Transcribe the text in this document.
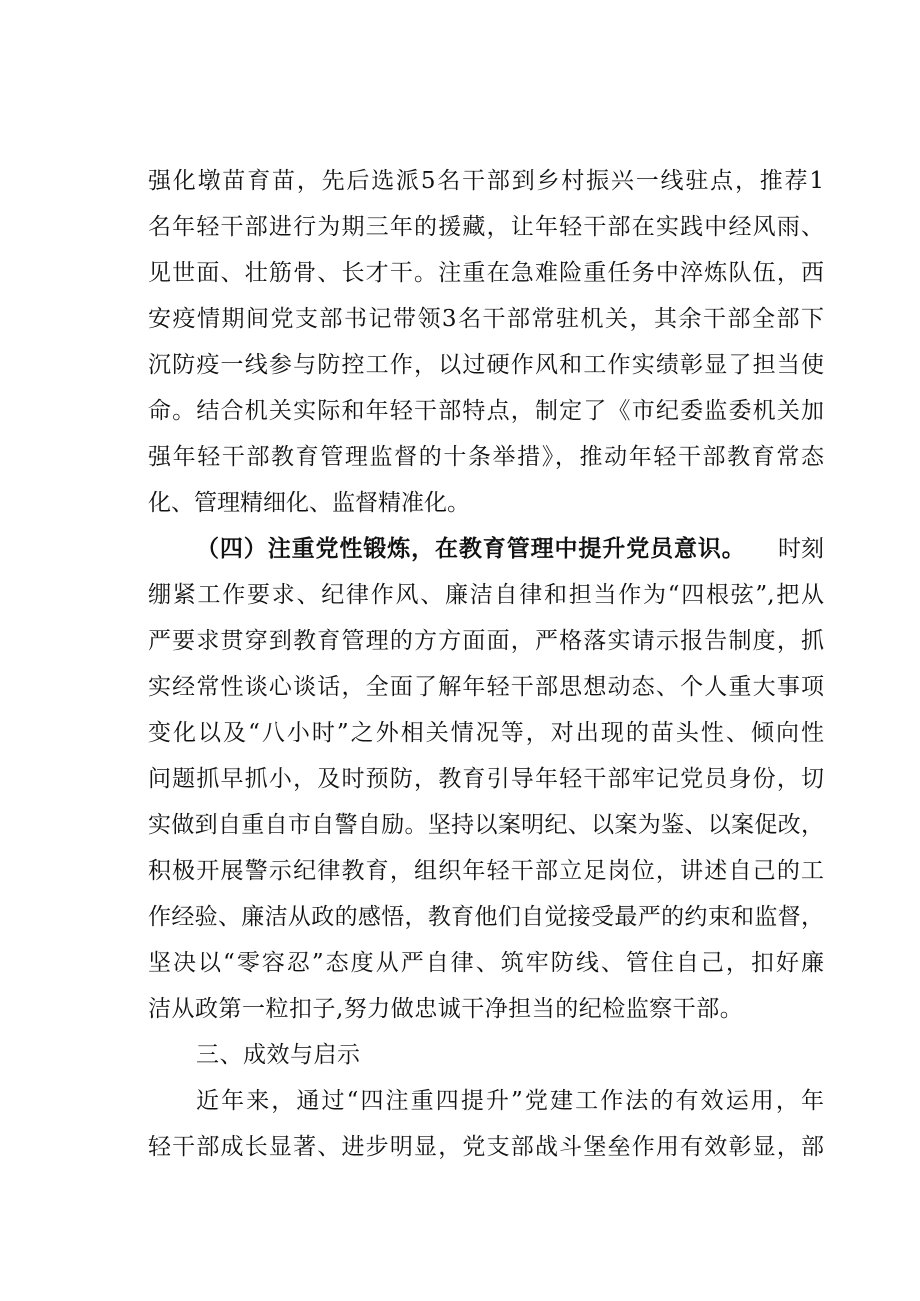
强化墩苗育苗，先后选派5名干部到乡村振兴一线驻点，推荐1
名年轻干部进行为期三年的援藏，让年轻干部在实践中经风雨、
见世面、壮筋骨、长才干。注重在急难险重任务中淬炼队伍，西
安疫情期间党支部书记带领3名干部常驻机关，其余干部全部下
沉防疫一线参与防控工作，以过硬作风和工作实绩彰显了担当使
命。结合机关实际和年轻干部特点，制定了《市纪委监委机关加
强年轻干部教育管理监督的十条举措》，推动年轻干部教育常态
化、管理精细化、监督精准化。
（四）注重党性锻炼，在教育管理中提升党员意识。 时刻
绷紧工作要求、纪律作风、廉洁自律和担当作为“四根弦”,把从
严要求贯穿到教育管理的方方面面，严格落实请示报告制度，抓
实经常性谈心谈话，全面了解年轻干部思想动态、个人重大事项
变化以及“八小时”之外相关情况等，对出现的苗头性、倾向性
问题抓早抓小，及时预防，教育引导年轻干部牢记党员身份，切
实做到自重自市自警自励。坚持以案明纪、以案为鉴、以案促改，
积极开展警示纪律教育，组织年轻干部立足岗位，讲述自己的工
作经验、廉洁从政的感悟，教育他们自觉接受最严的约束和监督，
坚决以“零容忍”态度从严自律、筑牢防线、管住自己，扣好廉
洁从政第一粒扣子,努力做忠诚干净担当的纪检监察干部。
三、成效与启示
近年来，通过“四注重四提升”党建工作法的有效运用，年
轻干部成长显著、进步明显，党支部战斗堡垒作用有效彰显，部
